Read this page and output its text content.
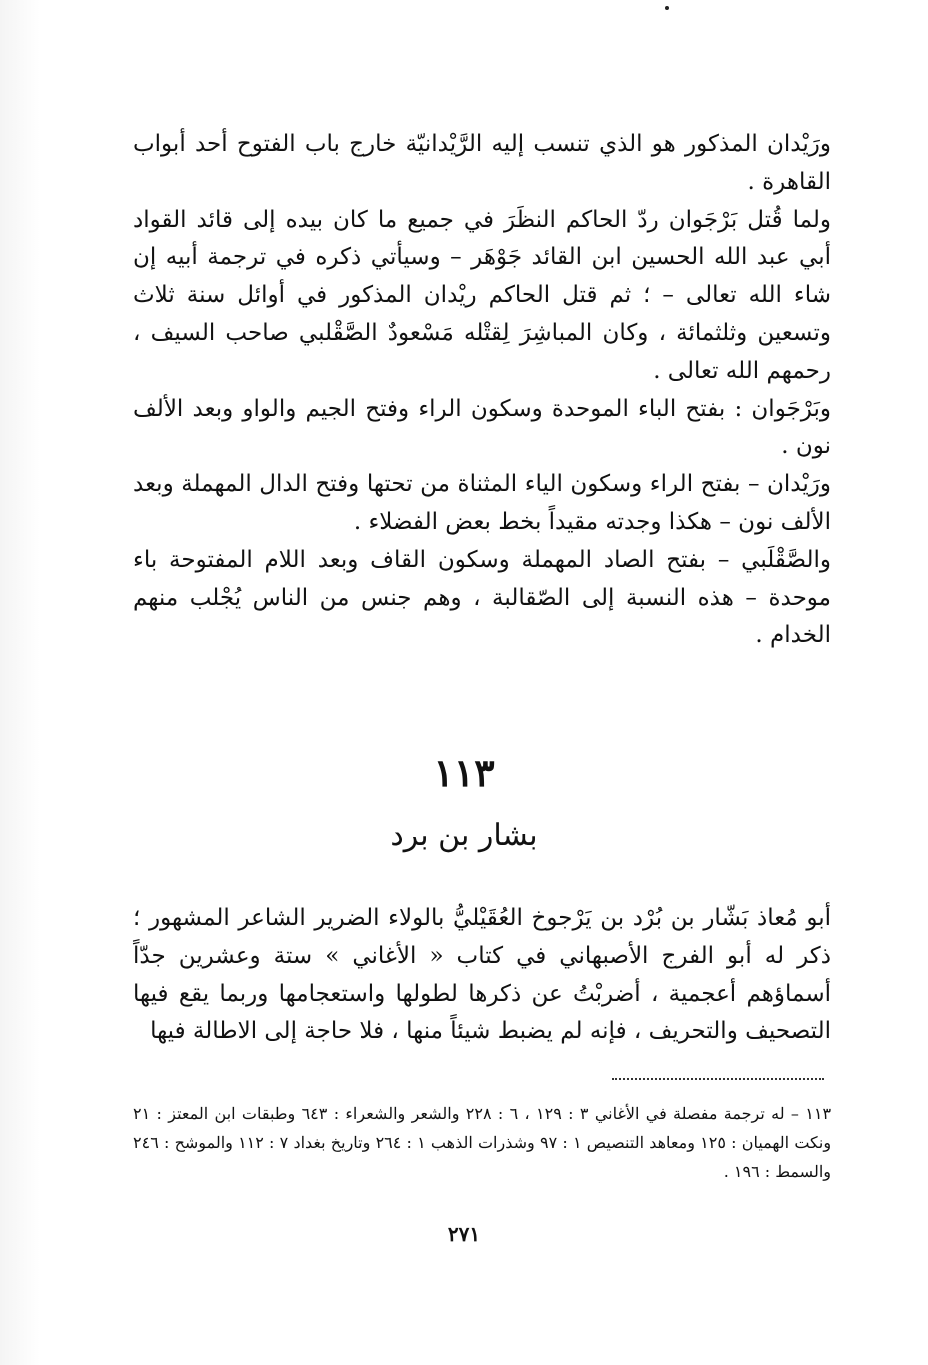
ورَيْدان المذكور هو الذي تنسب إليه الرَّيْدانيّة خارج باب الفتوح أحد أبواب القاهرة .

ولما قُتل بَرْجَوان ردّ الحاكم النظَرَ في جميع ما كان بيده إلى قائد القواد أبي عبد الله الحسين ابن القائد جَوْهَر – وسيأتي ذكره في ترجمة أبيه إن شاء الله تعالى – ؛ ثم قتل الحاكم ريْدان المذكور في أوائل سنة ثلاث وتسعين وثلثمائة ، وكان المباشِرَ لِقتْله مَسْعودٌ الصَّقْلبي صاحب السيف ، رحمهم الله تعالى .

وبَرْجَوان : بفتح الباء الموحدة وسكون الراء وفتح الجيم والواو وبعد الألف نون .

ورَيْدان – بفتح الراء وسكون الياء المثناة من تحتها وفتح الدال المهملة وبعد الألف نون – هكذا وجدته مقيداً بخط بعض الفضلاء .

والصَّقْلَبي – بفتح الصاد المهملة وسكون القاف وبعد اللام المفتوحة باء موحدة – هذه النسبة إلى الصّقالبة ، وهم جنس من الناس يُجْلب منهم الخدام .

١١٣
بشار بن برد

أبو مُعاذ بَشّار بن بُرْد بن يَرْجوخ العُقَيْليُّ بالولاء الضرير الشاعر المشهور ؛ ذكر له أبو الفرج الأصبهاني في كتاب « الأغاني » ستة وعشرين جدّاً أسماؤهم أعجمية ، أضربْتُ عن ذكرها لطولها واستعجامها وربما يقع فيها التصحيف والتحريف ، فإنه لم يضبط شيئاً منها ، فلا حاجة إلى الاطالة فيها

١١٣ – له ترجمة مفصلة في الأغاني ٣ : ١٢٩ ، ٦ : ٢٢٨ والشعر والشعراء : ٦٤٣ وطبقات ابن المعتز : ٢١ ونكت الهميان : ١٢٥ ومعاهد التنصيص ١ : ٩٧ وشذرات الذهب ١ : ٢٦٤ وتاريخ بغداد ٧ : ١١٢ والموشح : ٢٤٦ والسمط : ١٩٦ .

٢٧١
